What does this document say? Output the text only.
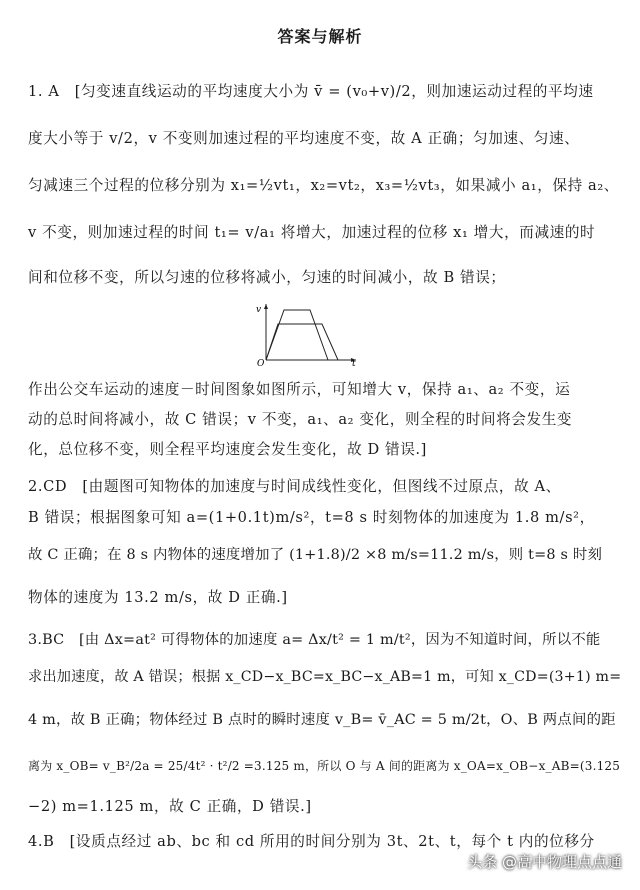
答案与解析
1. A　[匀变速直线运动的平均速度大小为 v̄ = (v₀+v)/2，则加速运动过程的平均速
度大小等于 v/2，v 不变则加速过程的平均速度不变，故 A 正确；匀加速、匀速、
匀减速三个过程的位移分别为 x₁=½vt₁，x₂=vt₂，x₃=½vt₃，如果减小 a₁，保持 a₂、
v 不变，则加速过程的时间 t₁= v/a₁ 将增大，加速过程的位移 x₁ 增大，而减速的时
间和位移不变，所以匀速的位移将减小，匀速的时间减小，故 B 错误；
v
t
O
作出公交车运动的速度－时间图象如图所示，可知增大 v，保持 a₁、a₂ 不变，运
动的总时间将减小，故 C 错误；v 不变，a₁、a₂ 变化，则全程的时间将会发生变
化，总位移不变，则全程平均速度会发生变化，故 D 错误.]
2.CD　[由题图可知物体的加速度与时间成线性变化，但图线不过原点，故 A、
B 错误；根据图象可知 a=(1+0.1t)m/s²，t=8 s 时刻物体的加速度为 1.8 m/s²，
故 C 正确；在 8 s 内物体的速度增加了 (1+1.8)/2 ×8 m/s=11.2 m/s，则 t=8 s 时刻
物体的速度为 13.2 m/s，故 D 正确.]
3.BC　[由 Δx=at² 可得物体的加速度 a= Δx/t² = 1 m/t²，因为不知道时间，所以不能
求出加速度，故 A 错误；根据 x_CD−x_BC=x_BC−x_AB=1 m，可知 x_CD=(3+1) m=
4 m，故 B 正确；物体经过 B 点时的瞬时速度 v_B= v̄_AC = 5 m/2t，O、B 两点间的距
离为 x_OB= v_B²/2a = 25/4t² · t²/2 =3.125 m，所以 O 与 A 间的距离为 x_OA=x_OB−x_AB=(3.125
−2) m=1.125 m，故 C 正确，D 错误.]
4.B　[设质点经过 ab、bc 和 cd 所用的时间分别为 3t、2t、t，每个 t 内的位移分
头条 @高中物理点点通
